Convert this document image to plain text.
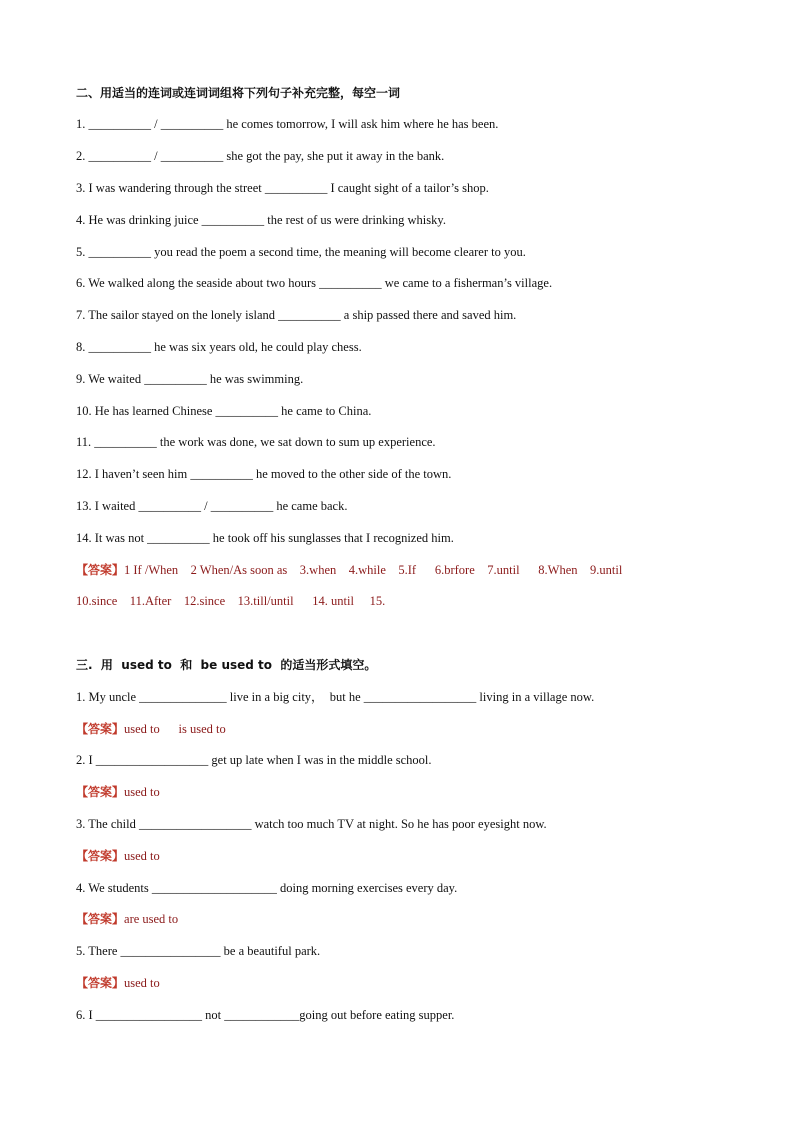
二、用适当的连词或连词词组将下列句子补充完整，每空一词
1. __________ / __________ he comes tomorrow, I will ask him where he has been.
2. __________ / __________ she got the pay, she put it away in the bank.
3. I was wandering through the street __________ I caught sight of a tailor’s shop.
4. He was drinking juice __________ the rest of us were drinking whisky.
5. __________ you read the poem a second time, the meaning will become clearer to you.
6. We walked along the seaside about two hours __________ we came to a fisherman’s village.
7. The sailor stayed on the lonely island __________ a ship passed there and saved him.
8. __________ he was six years old, he could play chess.
9. We waited __________ he was swimming.
10. He has learned Chinese __________ he came to China.
11. __________ the work was done, we sat down to sum up experience.
12. I haven’t seen him __________ he moved to the other side of the town.
13. I waited __________ / __________ he came back.
14. It was not __________ he took off his sunglasses that I recognized him.
【答案】1 If /When    2 When/As soon as    3.when    4.while    5.If      6.brfore    7.until      8.When    9.until
10.since    11.After    12.since    13.till/until      14. until     15.
三.  用  used to  和  be used to  的适当形式填空。
1. My uncle ______________ live in a big city，  but he __________________ living in a village now.
【答案】used to      is used to
2. I __________________ get up late when I was in the middle school.
【答案】used to
3. The child __________________ watch too much TV at night. So he has poor eyesight now.
【答案】used to
4. We students ____________________ doing morning exercises every day.
【答案】are used to
5. There ________________ be a beautiful park.
【答案】used to
6. I _________________ not ____________going out before eating supper.
